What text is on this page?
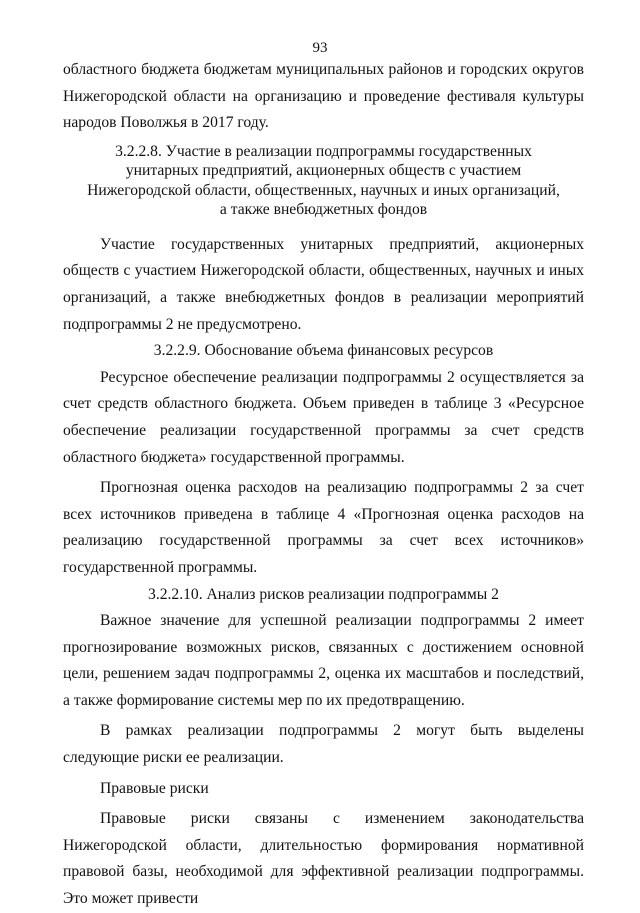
93

областного бюджета бюджетам муниципальных районов и городских округов Нижегородской области на организацию и проведение фестиваля культуры народов Поволжья в 2017 году.

3.2.2.8. Участие в реализации подпрограммы государственных
унитарных предприятий, акционерных обществ с участием
Нижегородской области, общественных, научных и иных организаций,
а также внебюджетных фондов

Участие государственных унитарных предприятий, акционерных обществ с участием Нижегородской области, общественных, научных и иных организаций, а также внебюджетных фондов в реализации мероприятий подпрограммы 2 не предусмотрено.

3.2.2.9. Обоснование объема финансовых ресурсов

Ресурсное обеспечение реализации подпрограммы 2 осуществляется за счет средств областного бюджета. Объем приведен в таблице 3 «Ресурсное обеспечение реализации государственной программы за счет средств областного бюджета» государственной программы.

Прогнозная оценка расходов на реализацию подпрограммы 2 за счет всех источников приведена в таблице 4 «Прогнозная оценка расходов на реализацию государственной программы за счет всех источников» государственной программы.

3.2.2.10. Анализ рисков реализации подпрограммы 2

Важное значение для успешной реализации подпрограммы 2 имеет прогнозирование возможных рисков, связанных с достижением основной цели, решением задач подпрограммы 2, оценка их масштабов и последствий, а также формирование системы мер по их предотвращению.

В рамках реализации подпрограммы 2 могут быть выделены следующие риски ее реализации.

Правовые риски

Правовые риски связаны с изменением законодательства Нижегородской области, длительностью формирования нормативной правовой базы, необходимой для эффективной реализации подпрограммы. Это может привести
